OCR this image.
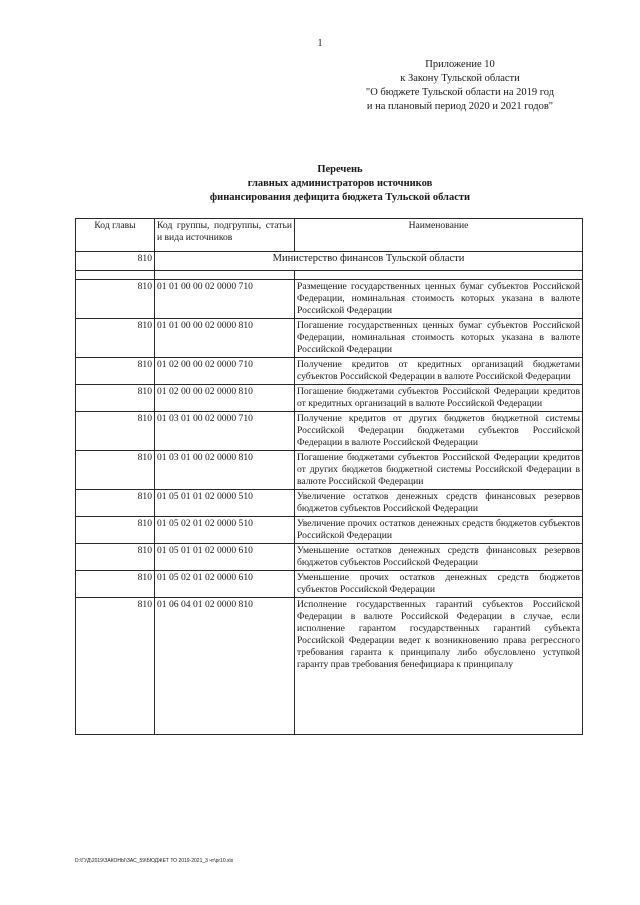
1
Приложение 10
к Закону Тульской области
"О бюджете Тульской области на 2019 год
и на плановый период 2020 и 2021 годов"
Перечень
главных администраторов источников
финансирования дефицита бюджета Тульской области
Код главы	Код группы, подгруппы, статьи и вида источников	Наименование
810	Министерство финансов Тульской области	

810	01 01 00 00 02 0000 710	Размещение государственных ценных бумаг субъектов Российской Федерации, номинальная стоимость которых указана в валюте Российской Федерации
810	01 01 00 00 02 0000 810	Погашение государственных ценных бумаг субъектов Российской Федерации, номинальная стоимость которых указана в валюте Российской Федерации
810	01 02 00 00 02 0000 710	Получение кредитов от кредитных организаций бюджетами субъектов Российской Федерации в валюте Российской Федерации
810	01 02 00 00 02 0000 810	Погашение бюджетами субъектов Российской Федерации кредитов от кредитных организаций в валюте Российской Федерации
810	01 03 01 00 02 0000 710	Получение кредитов от других бюджетов бюджетной системы Российской Федерации бюджетами субъектов Российской Федерации в валюте Российской Федерации
810	01 03 01 00 02 0000 810	Погашение бюджетами субъектов Российской Федерации кредитов от других бюджетов бюджетной системы Российской Федерации в валюте Российской Федерации
810	01 05 01 01 02 0000 510	Увеличение остатков денежных средств финансовых резервов бюджетов субъектов Российской Федерации
810	01 05 02 01 02 0000 510	Увеличение прочих остатков денежных средств бюджетов субъектов Российской Федерации
810	01 05 01 01 02 0000 610	Уменьшение остатков денежных средств финансовых резервов бюджетов субъектов Российской Федерации
810	01 05 02 01 02 0000 610	Уменьшение прочих остатков денежных средств бюджетов субъектов Российской Федерации
810	01 06 04 01 02 0000 810	Исполнение государственных гарантий субъектов Российской Федерации в валюте Российской Федерации в случае, если исполнение гарантом государственных гарантий субъекта Российской Федерации ведет к возникновению права регрессного требования гаранта к принципалу либо обусловлено уступкой гаранту прав требования бенефициара к принципалу
D:\ГУД\2019\ЗАКОНЫ\ЗАС_59\БЮДЖЕТ ТО 2019-2021_3 чт\pr10.xls
